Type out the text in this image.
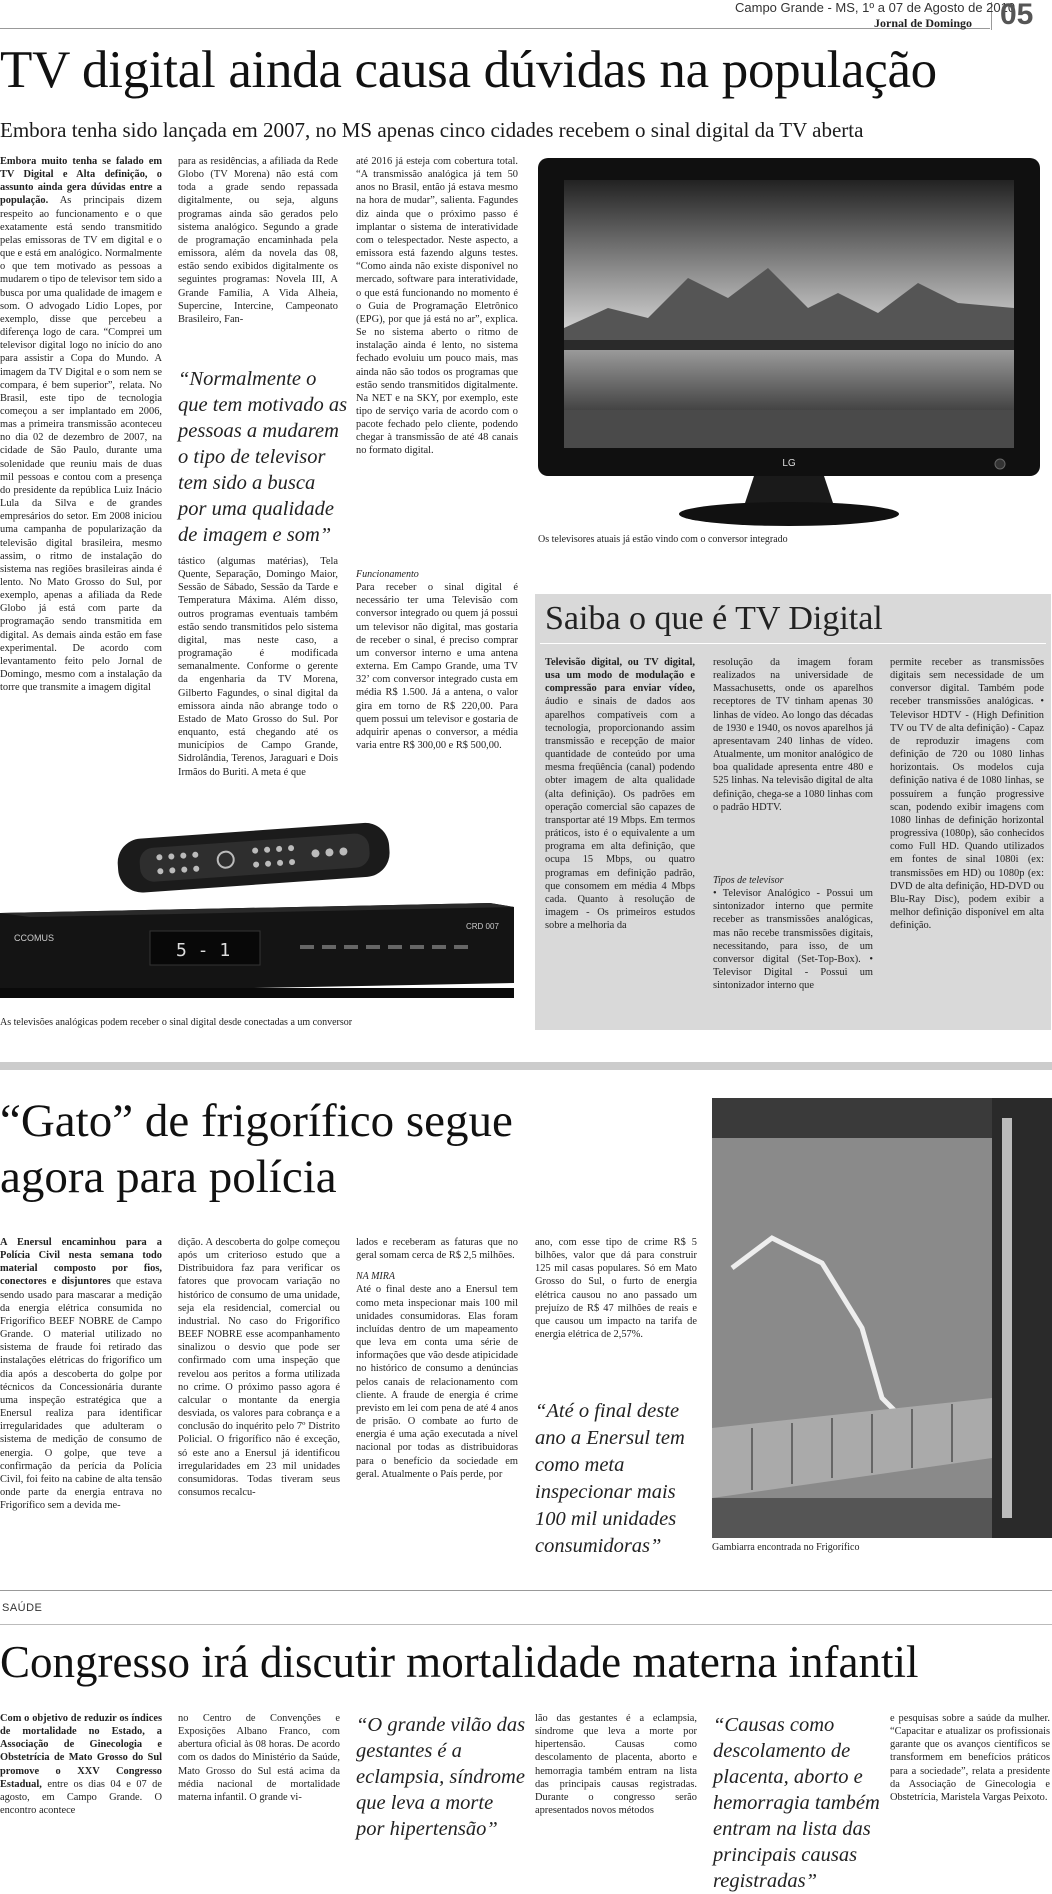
Campo Grande - MS, 1º a 07 de Agosto de 2010
Jornal de Domingo 05
TV digital ainda causa dúvidas na população
Embora tenha sido lançada em 2007, no MS apenas cinco cidades recebem o sinal digital da TV aberta

Embora muito tenha se falado em TV Digital e Alta definição, o assunto ainda gera dúvidas entre a população. As principais dizem respeito ao funcionamento e o que exatamente está sendo transmitido pelas emissoras de TV em digital e o que e está em analógico. Normalmente o que tem motivado as pessoas a mudarem o tipo de televisor tem sido a busca por uma qualidade de imagem e som. O advogado Lídio Lopes, por exemplo, disse que percebeu a diferença logo de cara. “Comprei um televisor digital logo no início do ano para assistir a Copa do Mundo. A imagem da TV Digital e o som nem se compara, é bem superior”, relata. No Brasil, este tipo de tecnologia começou a ser implantado em 2006, mas a primeira transmissão aconteceu no dia 02 de dezembro de 2007, na cidade de São Paulo, durante uma solenidade que reuniu mais de duas mil pessoas e contou com a presença do presidente da república Luiz Inácio Lula da Silva e de grandes empresários do setor. Em 2008 iniciou uma campanha de popularização da televisão digital brasileira, mesmo assim, o ritmo de instalação do sistema nas regiões brasileiras ainda é lento. No Mato Grosso do Sul, por exemplo, apenas a afiliada da Rede Globo já está com parte da programação sendo transmitida em digital. As demais ainda estão em fase experimental. De acordo com levantamento feito pelo Jornal de Domingo, mesmo com a instalação da torre que transmite a imagem digital

para as residências, a afiliada da Rede Globo (TV Morena) não está com toda a grade sendo repassada digitalmente, ou seja, alguns programas ainda são gerados pelo sistema analógico. Segundo a grade de programação encaminhada pela emissora, além da novela das 08, estão sendo exibidos digitalmente os seguintes programas: Novela III, A Grande Família, A Vida Alheia, Supercine, Intercine, Campeonato Brasileiro, Fan-

“Normalmente o que tem motivado as pessoas a mudarem o tipo de televisor tem sido a busca por uma qualidade de imagem e som”

tástico (algumas matérias), Tela Quente, Separação, Domingo Maior, Sessão de Sábado, Sessão da Tarde e Temperatura Máxima. Além disso, outros programas eventuais também estão sendo transmitidos pelo sistema digital, mas neste caso, a programação é modificada semanalmente. Conforme o gerente da engenharia da TV Morena, Gilberto Fagundes, o sinal digital da emissora ainda não abrange todo o Estado de Mato Grosso do Sul. Por enquanto, está chegando até os municípios de Campo Grande, Sidrolândia, Terenos, Jaraguari e Dois Irmãos do Buriti. A meta é que

até 2016 já esteja com cobertura total. “A transmissão analógica já tem 50 anos no Brasil, então já estava mesmo na hora de mudar”, salienta. Fagundes diz ainda que o próximo passo é implantar o sistema de interatividade com o telespectador. Neste aspecto, a emissora está fazendo alguns testes. “Como ainda não existe disponível no mercado, software para interatividade, o que está funcionando no momento é o Guia de Programação Eletrônico (EPG), por que já está no ar”, explica. Se no sistema aberto o ritmo de instalação ainda é lento, no sistema fechado evoluiu um pouco mais, mas ainda não são todos os programas que estão sendo transmitidos digitalmente. Na NET e na SKY, por exemplo, este tipo de serviço varia de acordo com o pacote fechado pelo cliente, podendo chegar à transmissão de até 48 canais no formato digital.

Funcionamento

Para receber o sinal digital é necessário ter uma Televisão com conversor integrado ou quem já possui um televisor não digital, mas gostaria de receber o sinal, é preciso comprar um conversor interno e uma antena externa. Em Campo Grande, uma TV 32’ com conversor integrado custa em média R$ 1.500. Já a antena, o valor gira em torno de R$ 220,00. Para quem possui um televisor e gostaria de adquirir apenas o conversor, a média varia entre R$ 300,00 e R$ 500,00.

LG
Os televisores atuais já estão vindo com o conversor integrado
CCOMUS
CRD 007
5 - 1
As televisões analógicas podem receber o sinal digital desde conectadas a um conversor
Saiba o que é TV Digital

Televisão digital, ou TV digital, usa um modo de modulação e compressão para enviar vídeo, áudio e sinais de dados aos aparelhos compatíveis com a tecnologia, proporcionando assim transmissão e recepção de maior quantidade de conteúdo por uma mesma freqüência (canal) podendo obter imagem de alta qualidade (alta definição). Os padrões em operação comercial são capazes de transportar até 19 Mbps. Em termos práticos, isto é o equivalente a um programa em alta definição, que ocupa 15 Mbps, ou quatro programas em definição padrão, que consomem em média 4 Mbps cada. Quanto à resolução de imagem - Os primeiros estudos sobre a melhoria da

resolução da imagem foram realizados na universidade de Massachusetts, onde os aparelhos receptores de TV tinham apenas 30 linhas de vídeo. Ao longo das décadas de 1930 e 1940, os novos aparelhos já apresentavam 240 linhas de vídeo. Atualmente, um monitor analógico de boa qualidade apresenta entre 480 e 525 linhas. Na televisão digital de alta definição, chega-se a 1080 linhas com o padrão HDTV.

Tipos de televisor

• Televisor Analógico - Possui um sintonizador interno que permite receber as transmissões analógicas, mas não recebe transmissões digitais, necessitando, para isso, de um conversor digital (Set-Top-Box). • Televisor Digital - Possui um sintonizador interno que

permite receber as transmissões digitais sem necessidade de um conversor digital. Também pode receber transmissões analógicas. • Televisor HDTV - (High Definition TV ou TV de alta definição) - Capaz de reproduzir imagens com definição de 720 ou 1080 linhas horizontais. Os modelos cuja definição nativa é de 1080 linhas, se possuírem a função progressive scan, podendo exibir imagens com 1080 linhas de definição horizontal progressiva (1080p), são conhecidos como Full HD. Quando utilizados em fontes de sinal 1080i (ex: transmissões em HD) ou 1080p (ex: DVD de alta definição, HD-DVD ou Blu-Ray Disc), podem exibir a melhor definição disponível em alta definição.

“Gato” de frigorífico segue agora para polícia

A Enersul encaminhou para a Polícia Civil nesta semana todo material composto por fios, conectores e disjuntores que estava sendo usado para mascarar a medição da energia elétrica consumida no Frigorífico BEEF NOBRE de Campo Grande. O material utilizado no sistema de fraude foi retirado das instalações elétricas do frigorífico um dia após a descoberta do golpe por técnicos da Concessionária durante uma inspeção estratégica que a Enersul realiza para identificar irregularidades que adulteram o sistema de medição de consumo de energia. O golpe, que teve a confirmação da perícia da Polícia Civil, foi feito na cabine de alta tensão onde parte da energia entrava no Frigorífico sem a devida me-

dição. A descoberta do golpe começou após um criterioso estudo que a Distribuidora faz para verificar os fatores que provocam variação no histórico de consumo de uma unidade, seja ela residencial, comercial ou industrial. No caso do Frigorífico BEEF NOBRE esse acompanhamento sinalizou o desvio que pode ser confirmado com uma inspeção que revelou aos peritos a forma utilizada no crime. O próximo passo agora é calcular o montante da energia desviada, os valores para cobrança e a conclusão do inquérito pelo 7º Distrito Policial. O frigorífico não é exceção, só este ano a Enersul já identificou irregularidades em 23 mil unidades consumidoras. Todas tiveram seus consumos recalcu-

lados e receberam as faturas que no geral somam cerca de R$ 2,5 milhões.

NA MIRA

Até o final deste ano a Enersul tem como meta inspecionar mais 100 mil unidades consumidoras. Elas foram incluídas dentro de um mapeamento que leva em conta uma série de informações que vão desde atipicidade no histórico de consumo a denúncias pelos canais de relacionamento com cliente. A fraude de energia é crime previsto em lei com pena de até 4 anos de prisão. O combate ao furto de energia é uma ação executada a nível nacional por todas as distribuidoras para o benefício da sociedade em geral. Atualmente o País perde, por

ano, com esse tipo de crime R$ 5 bilhões, valor que dá para construir 125 mil casas populares. Só em Mato Grosso do Sul, o furto de energia elétrica causou no ano passado um prejuízo de R$ 47 milhões de reais e que causou um impacto na tarifa de energia elétrica de 2,57%.

“Até o final deste ano a Enersul tem como meta inspecionar mais 100 mil unidades consumidoras”	Gambiarra encontrada no Frigorífico
SAÚDE
Congresso irá discutir mortalidade materna infantil

Com o objetivo de reduzir os índices de mortalidade no Estado, a Associação de Ginecologia e Obstetrícia de Mato Grosso do Sul promove o XXV Congresso Estadual, entre os dias 04 e 07 de agosto, em Campo Grande. O encontro acontece

no Centro de Convenções e Exposições Albano Franco, com abertura oficial às 08 horas. De acordo com os dados do Ministério da Saúde, Mato Grosso do Sul está acima da média nacional de mortalidade materna infantil. O grande vi-

“O grande vilão das gestantes é a eclampsia, síndrome que leva a morte por hipertensão”

lão das gestantes é a eclampsia, síndrome que leva a morte por hipertensão. Causas como descolamento de placenta, aborto e hemorragia também entram na lista das principais causas registradas. Durante o congresso serão apresentados novos métodos

“Causas como descolamento de placenta, aborto e hemorragia também entram na lista das principais causas registradas”

e pesquisas sobre a saúde da mulher. “Capacitar e atualizar os profissionais garante que os avanços científicos se transformem em benefícios práticos para a sociedade”, relata a presidente da Associação de Ginecologia e Obstetrícia, Maristela Vargas Peixoto.
